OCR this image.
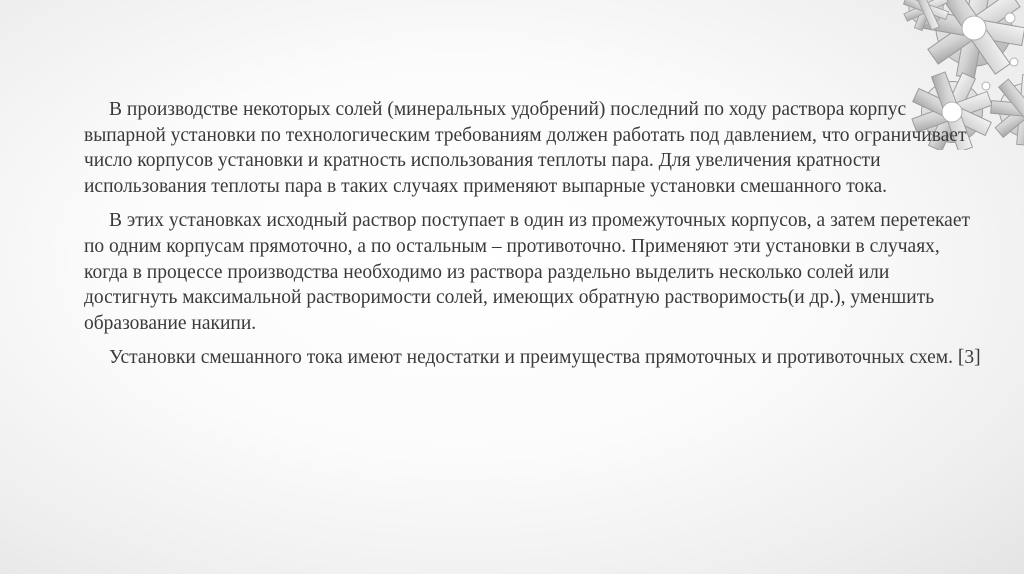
В производстве некоторых солей (минеральных удобрений) последний по ходу раствора корпус выпарной установки по технологическим требованиям должен работать под давлением, что ограничивает число корпусов установки и кратность использования теплоты пара. Для увеличения кратности использования теплоты пара в таких случаях применяют выпарные установки смешанного тока.

В этих установках исходный раствор поступает в один из промежуточных корпусов, а затем перетекает по одним корпусам прямоточно, а по остальным – противоточно. Применяют эти установки в случаях, когда в процессе производства необходимо из раствора раздельно выделить несколько солей или достигнуть максимальной растворимости солей, имеющих обратную растворимость(и др.), уменшить образование накипи.

Установки смешанного тока имеют недостатки и преимущества прямоточных и противоточных схем. [3]
